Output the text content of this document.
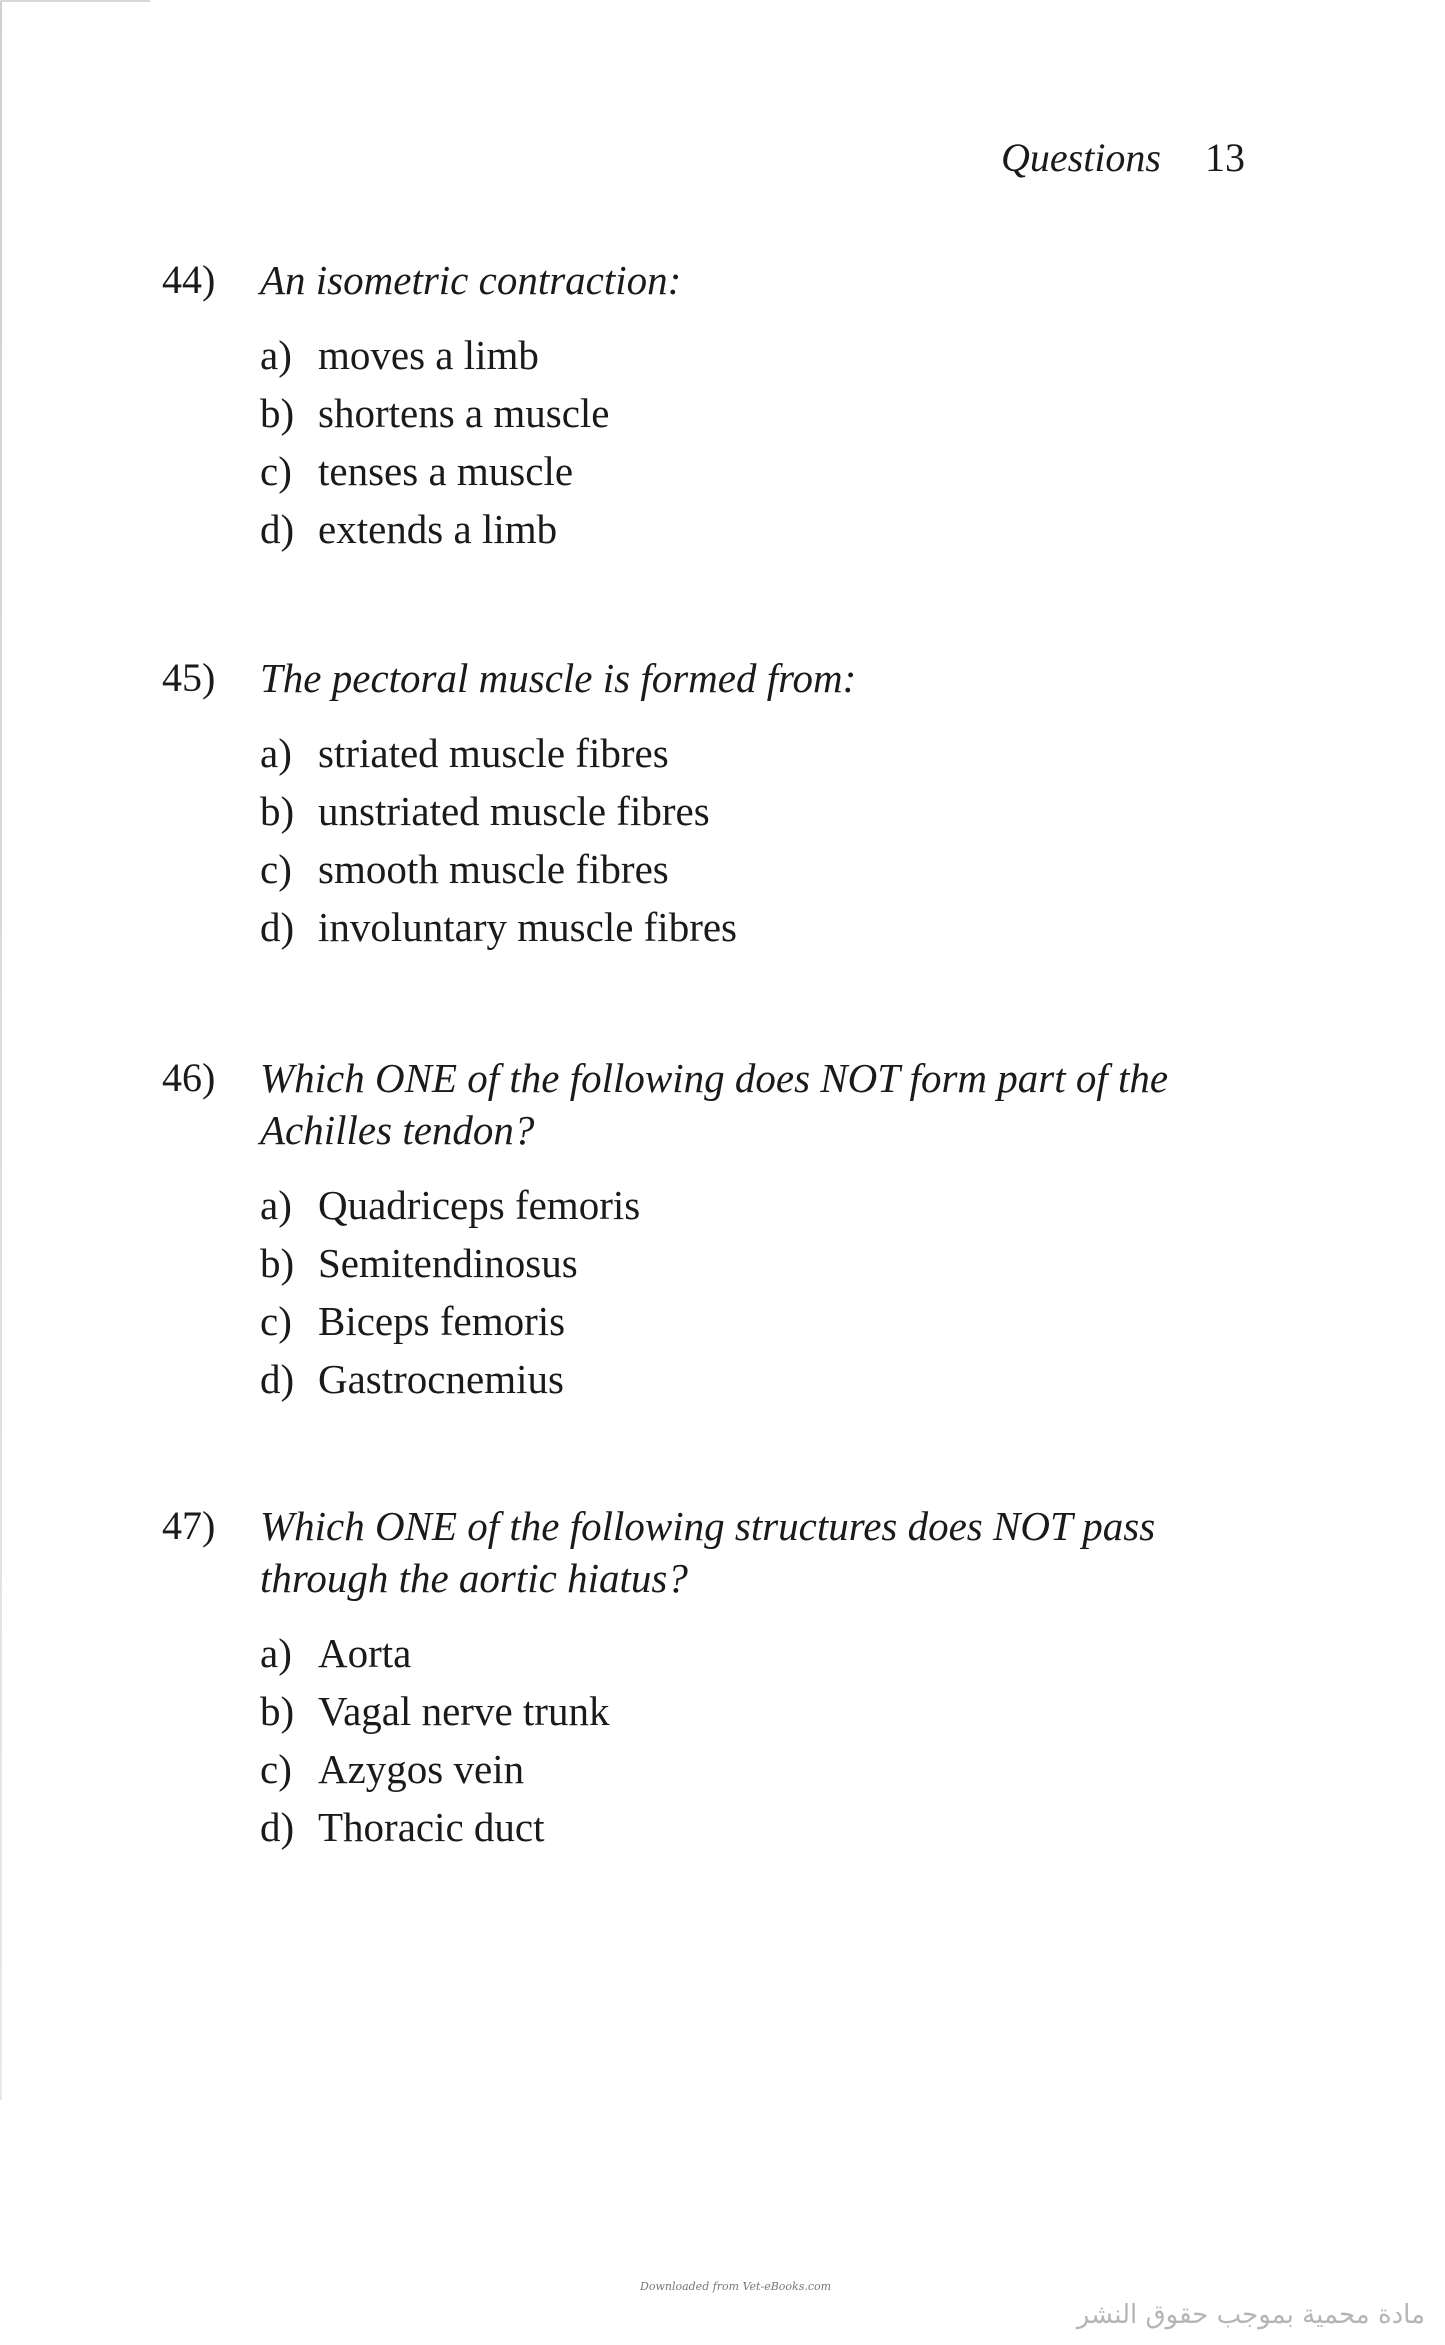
Questions 13
44)	An isometric contraction:
a) moves a limb
b) shortens a muscle
c) tenses a muscle
d) extends a limb
45)	The pectoral muscle is formed from:
a) striated muscle fibres
b) unstriated muscle fibres
c) smooth muscle fibres
d) involuntary muscle fibres
46)	Which ONE of the following does NOT form part of the Achilles tendon?
a) Quadriceps femoris
b) Semitendinosus
c) Biceps femoris
d) Gastrocnemius
47)	Which ONE of the following structures does NOT pass through the aortic hiatus?
a) Aorta
b) Vagal nerve trunk
c) Azygos vein
d) Thoracic duct
Downloaded from Vet-eBooks.com
مادة محمية بموجب حقوق النشر
